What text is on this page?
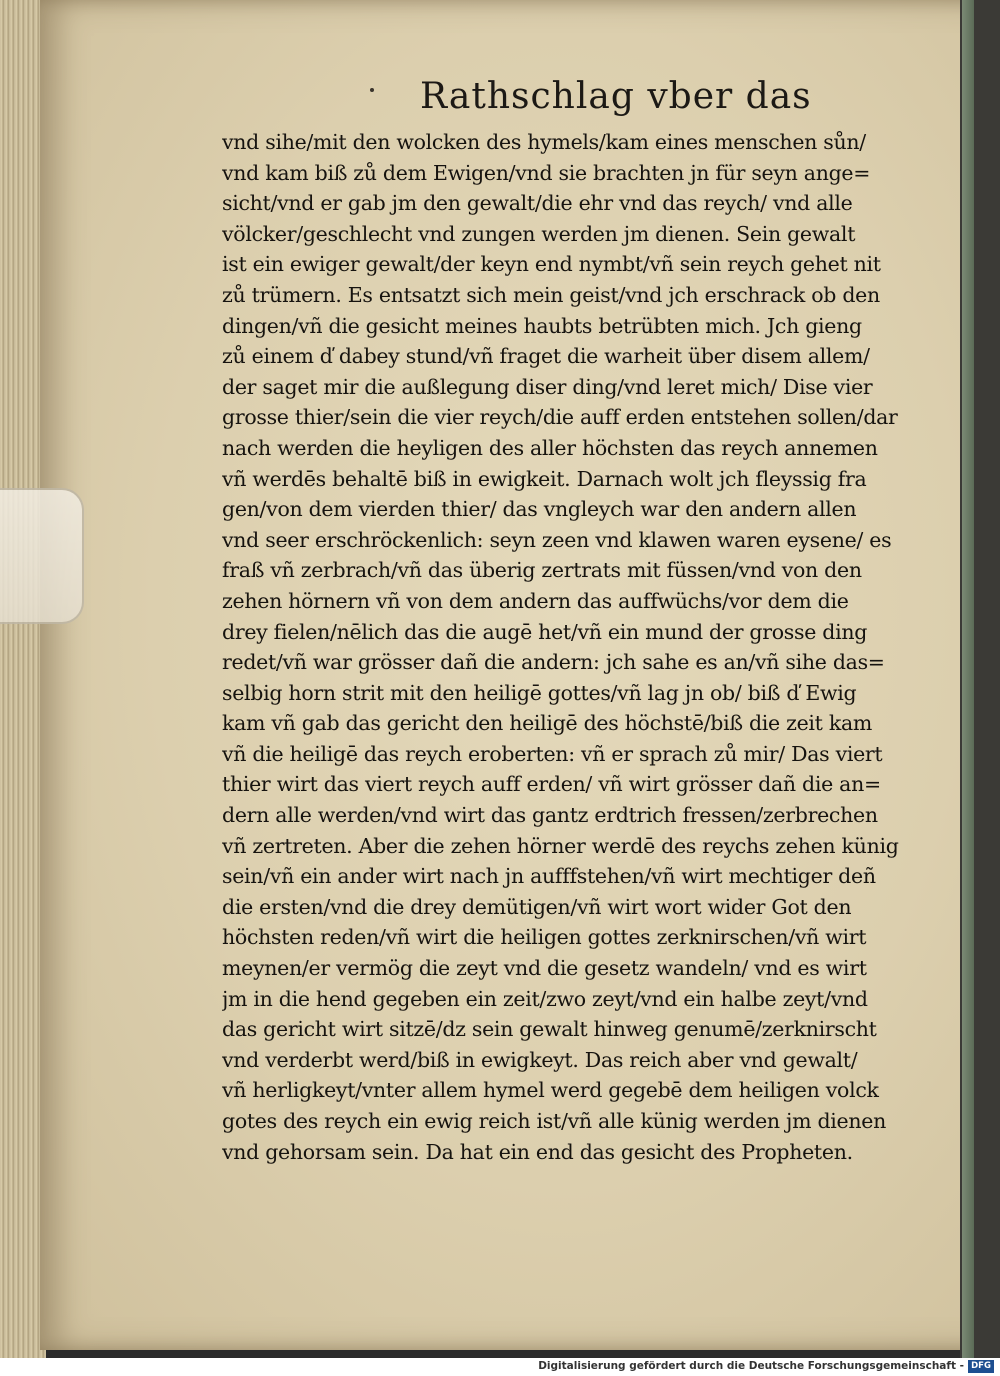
Rathschlag vber das
vnd sihe/mit den wolcken des hymels/kam eines menschen sůn/
vnd kam biß zů dem Ewigen/vnd sie brachten jn für seyn ange=
sicht/vnd er gab jm den gewalt/die ehr vnd das reych/ vnd alle
völcker/geschlecht vnd zungen werden jm dienen. Sein gewalt
ist ein ewiger gewalt/der keyn end nymbt/vñ sein reych gehet nit
zů trümern. Es entsatzt sich mein geist/vnd jch erschrack ob den
dingen/vñ die gesicht meines haubts betrübten mich. Jch gieng
zů einem ď dabey stund/vñ fraget die warheit über disem allem/
der saget mir die außlegung diser ding/vnd leret mich/ Dise vier
grosse thier/sein die vier reych/die auff erden entstehen sollen/dar
nach werden die heyligen des aller höchsten das reych annemen
vñ werdēs behaltē biß in ewigkeit. Darnach wolt jch fleyssig fra
gen/von dem vierden thier/ das vngleych war den andern allen
vnd seer erschröckenlich: seyn zeen vnd klawen waren eysene/ es
fraß vñ zerbrach/vñ das überig zertrats mit füssen/vnd von den
zehen hörnern vñ von dem andern das auffwüchs/vor dem die
drey fielen/nēlich das die augē het/vñ ein mund der grosse ding
redet/vñ war grösser dañ die andern: jch sahe es an/vñ sihe das=
selbig horn strit mit den heiligē gottes/vñ lag jn ob/ biß ď Ewig
kam vñ gab das gericht den heiligē des höchstē/biß die zeit kam
vñ die heiligē das reych eroberten: vñ er sprach zů mir/ Das viert
thier wirt das viert reych auff erden/ vñ wirt grösser dañ die an=
dern alle werden/vnd wirt das gantz erdtrich fressen/zerbrechen
vñ zertreten. Aber die zehen hörner werdē des reychs zehen künig
sein/vñ ein ander wirt nach jn aufffstehen/vñ wirt mechtiger deñ
die ersten/vnd die drey demütigen/vñ wirt wort wider Got den
höchsten reden/vñ wirt die heiligen gottes zerknirschen/vñ wirt
meynen/er vermög die zeyt vnd die gesetz wandeln/ vnd es wirt
jm in die hend gegeben ein zeit/zwo zeyt/vnd ein halbe zeyt/vnd
das gericht wirt sitzē/dz sein gewalt hinweg genumē/zerknirscht
vnd verderbt werd/biß in ewigkeyt. Das reich aber vnd gewalt/
vñ herligkeyt/vnter allem hymel werd gegebē dem heiligen volck
gotes des reych ein ewig reich ist/vñ alle künig werden jm dienen
vnd gehorsam sein. Da hat ein end das gesicht des Propheten.
Digitalisierung gefördert durch die Deutsche Forschungsgemeinschaft - DFG
